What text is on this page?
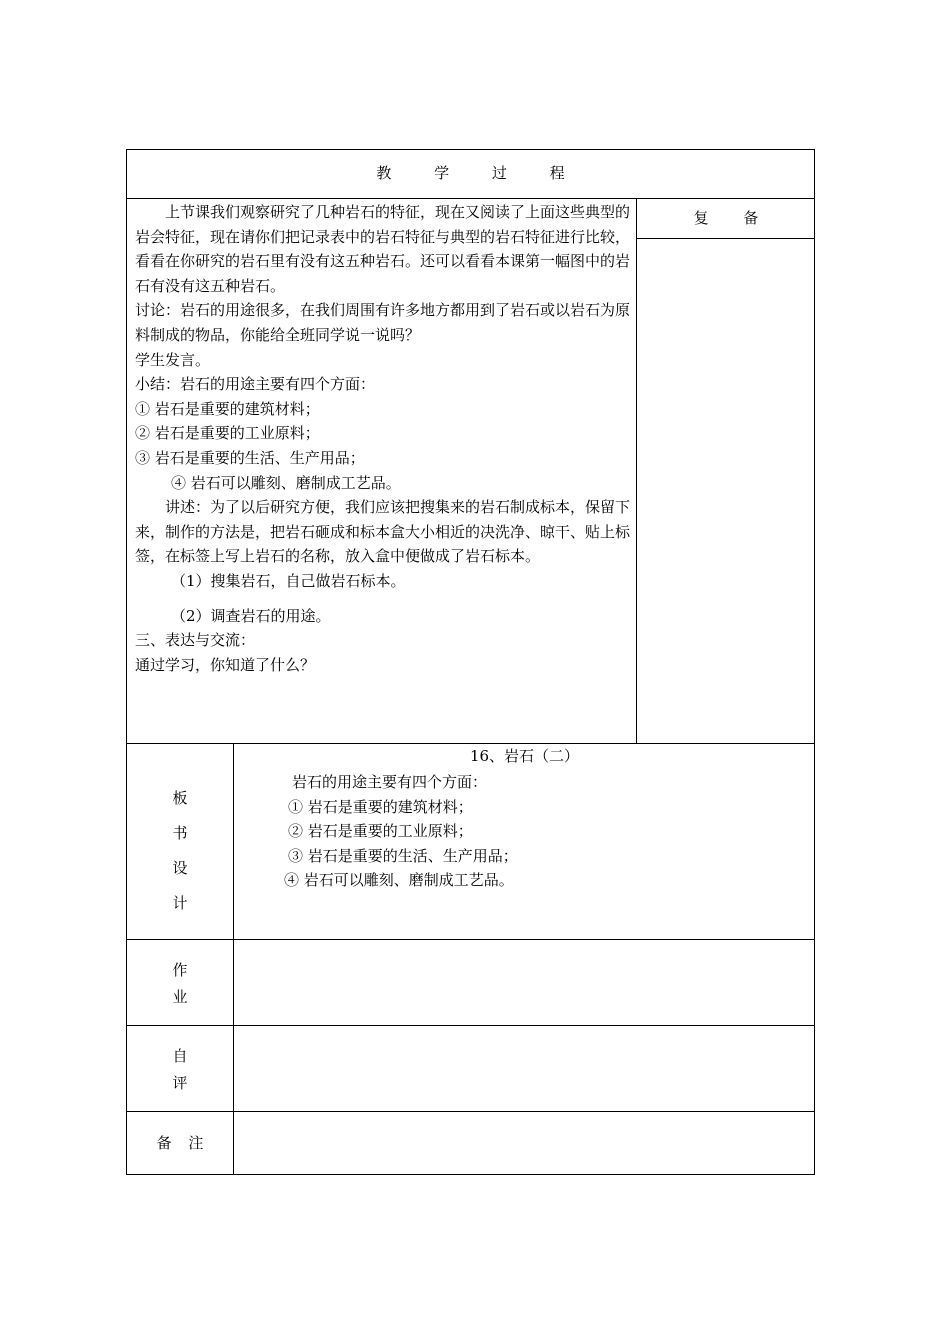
教 学 过 程

上节课我们观察研究了几种岩石的特征，现在又阅读了上面这些典型的岩会特征，现在请你们把记录表中的岩石特征与典型的岩石特征进行比较，看看在你研究的岩石里有没有这五种岩石。还可以看看本课第一幅图中的岩石有没有这五种岩石。

讨论：岩石的用途很多，在我们周围有许多地方都用到了岩石或以岩石为原料制成的物品，你能给全班同学说一说吗？

学生发言。

小结：岩石的用途主要有四个方面：

① 岩石是重要的建筑材料；

② 岩石是重要的工业原料；

③ 岩石是重要的生活、生产用品；

④ 岩石可以雕刻、磨制成工艺品。

讲述：为了以后研究方便，我们应该把搜集来的岩石制成标本，保留下来，制作的方法是，把岩石砸成和标本盒大小相近的决洗净、晾干、贴上标签，在标签上写上岩石的名称，放入盒中便做成了岩石标本。

（1）搜集岩石，自己做岩石标本。

（2）调查岩石的用途。

三、表达与交流：

通过学习，你知道了什么？

复 备
板
书
设
计
16、岩石（二）
岩石的用途主要有四个方面：
① 岩石是重要的建筑材料；
② 岩石是重要的工业原料；
③ 岩石是重要的生活、生产用品；
④ 岩石可以雕刻、磨制成工艺品。
作
业
自
评
备 注
